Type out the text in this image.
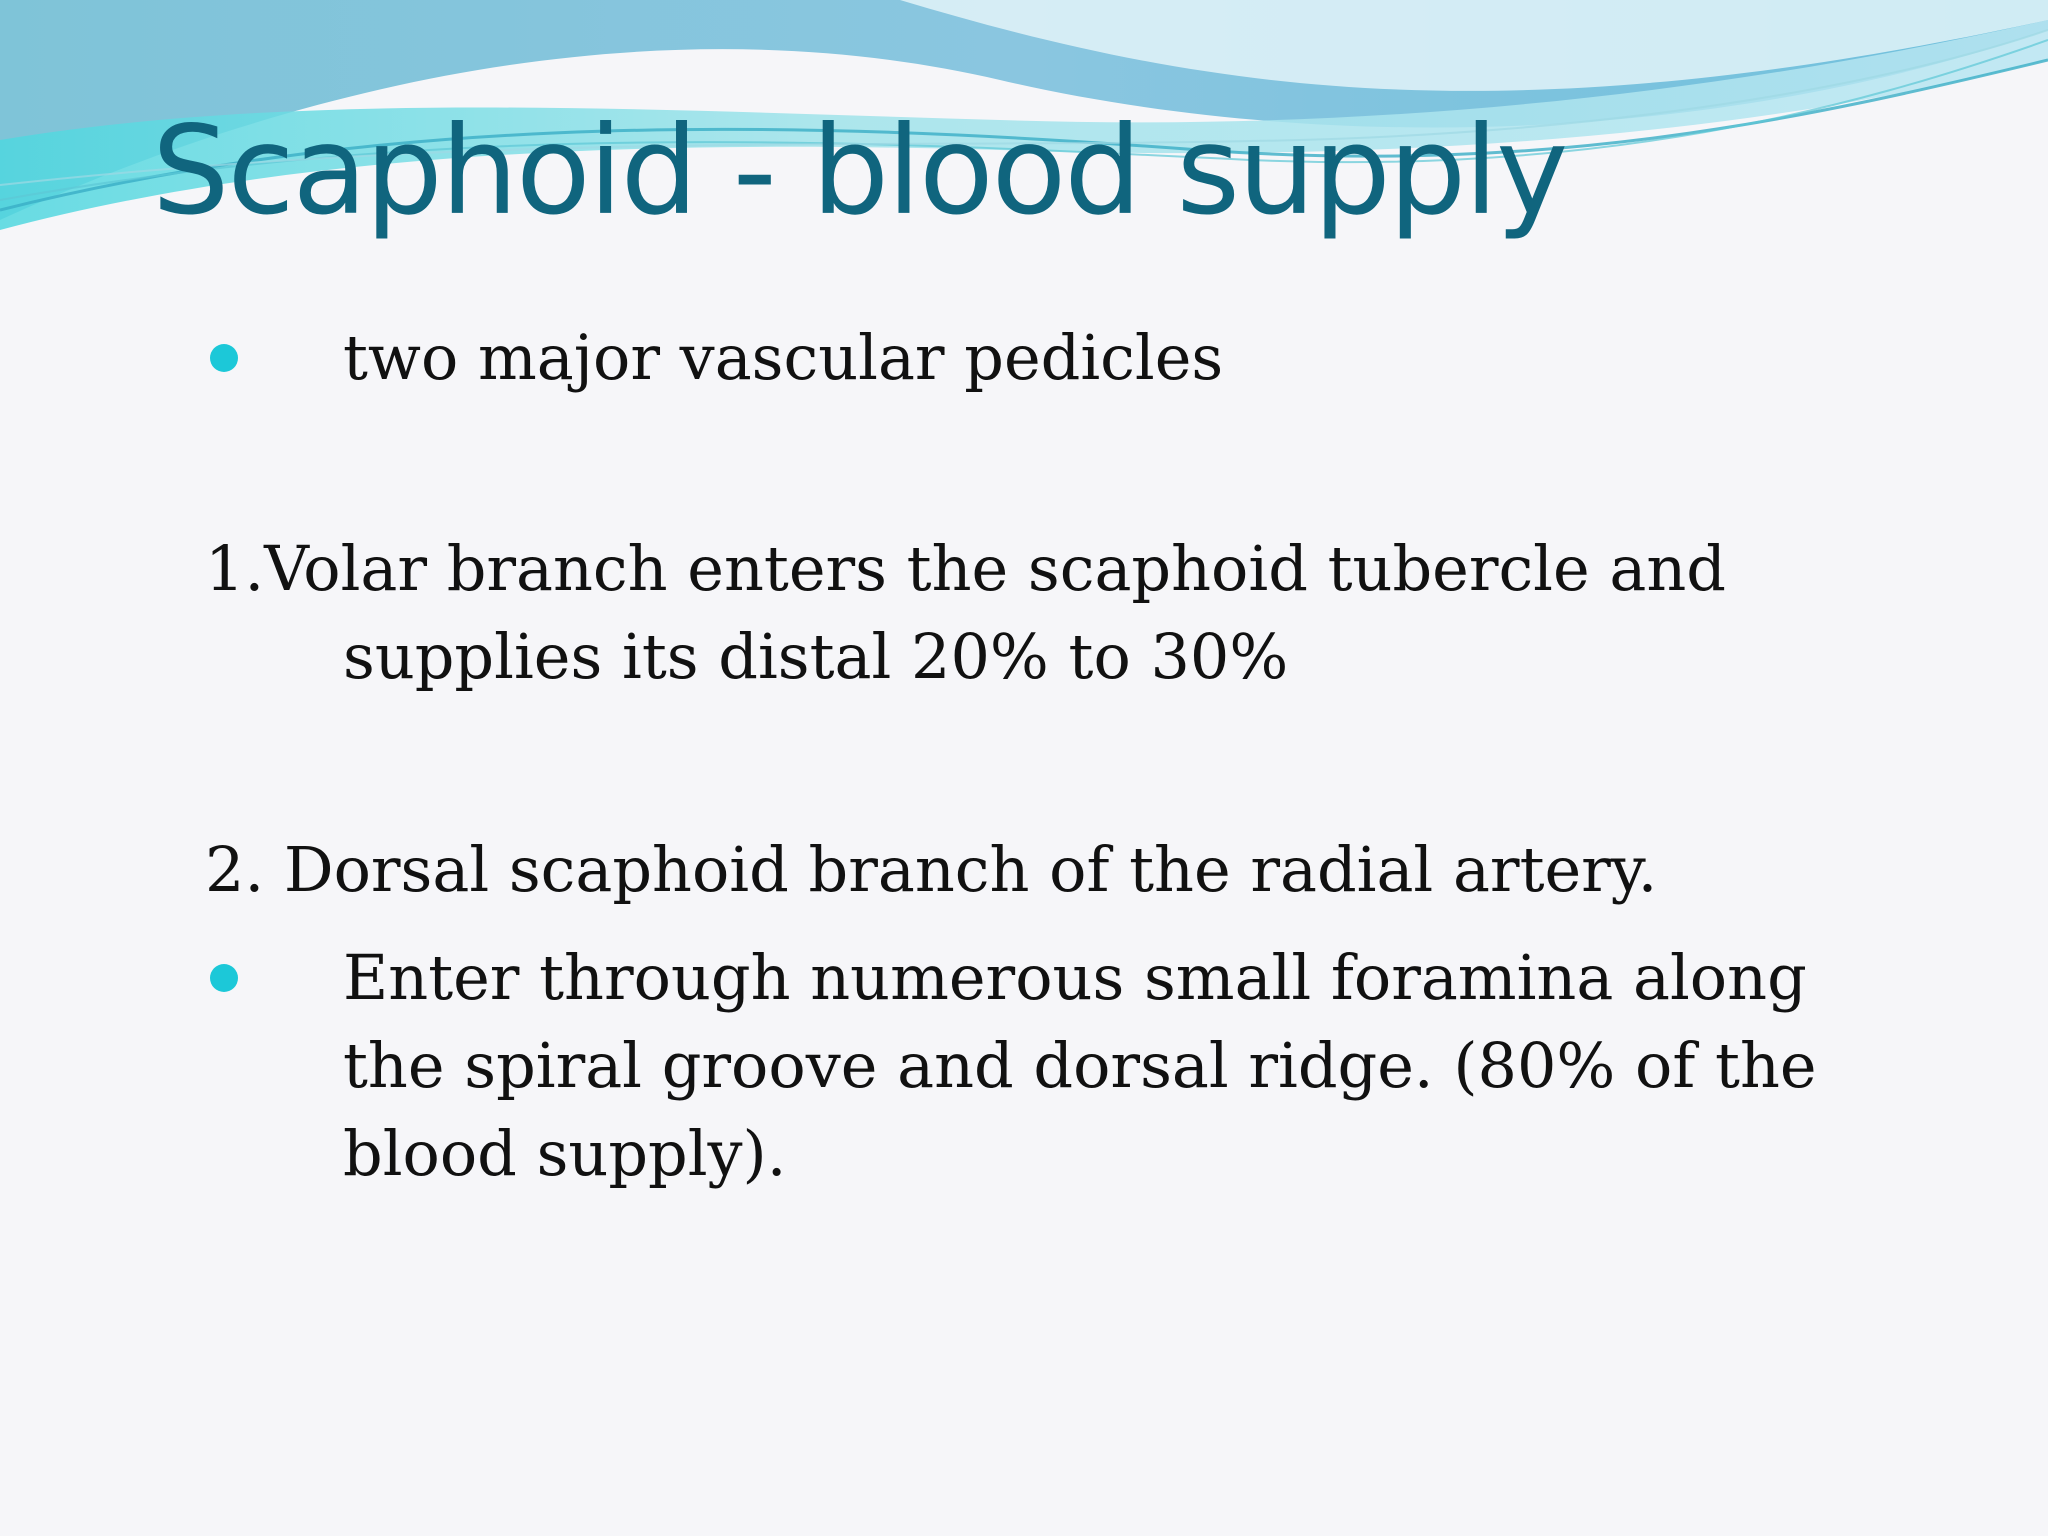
Scaphoid - blood supply
two major vascular pedicles
1.Volar branch enters the scaphoid tubercle and
supplies its distal 20% to 30%
2. Dorsal scaphoid branch of the radial artery.
Enter through numerous small foramina along
the spiral groove and dorsal ridge. (80% of the
blood supply).
